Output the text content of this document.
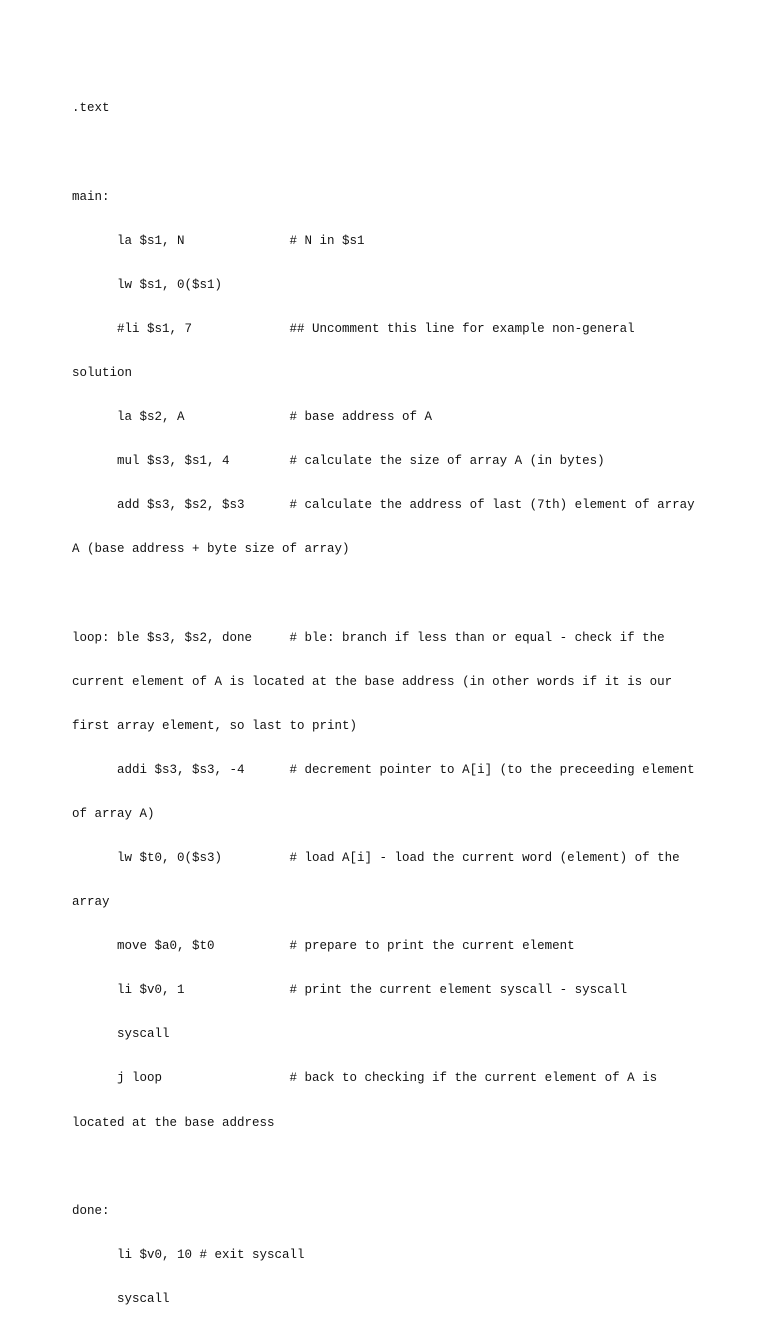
.text

main:

la $s1, N              # N in $s1

lw $s1, 0($s1)

#li $s1, 7             ## Uncomment this line for example non-general

solution

la $s2, A              # base address of A

mul $s3, $s1, 4        # calculate the size of array A (in bytes)

add $s3, $s2, $s3      # calculate the address of last (7th) element of array

A (base address + byte size of array)

loop: ble $s3, $s2, done     # ble: branch if less than or equal - check if the

current element of A is located at the base address (in other words if it is our

first array element, so last to print)

addi $s3, $s3, -4      # decrement pointer to A[i] (to the preceeding element

of array A)

lw $t0, 0($s3)         # load A[i] - load the current word (element) of the

array

move $a0, $t0          # prepare to print the current element

li $v0, 1              # print the current element syscall - syscall

syscall

j loop                 # back to checking if the current element of A is

located at the base address

done:

li $v0, 10 # exit syscall

syscall
